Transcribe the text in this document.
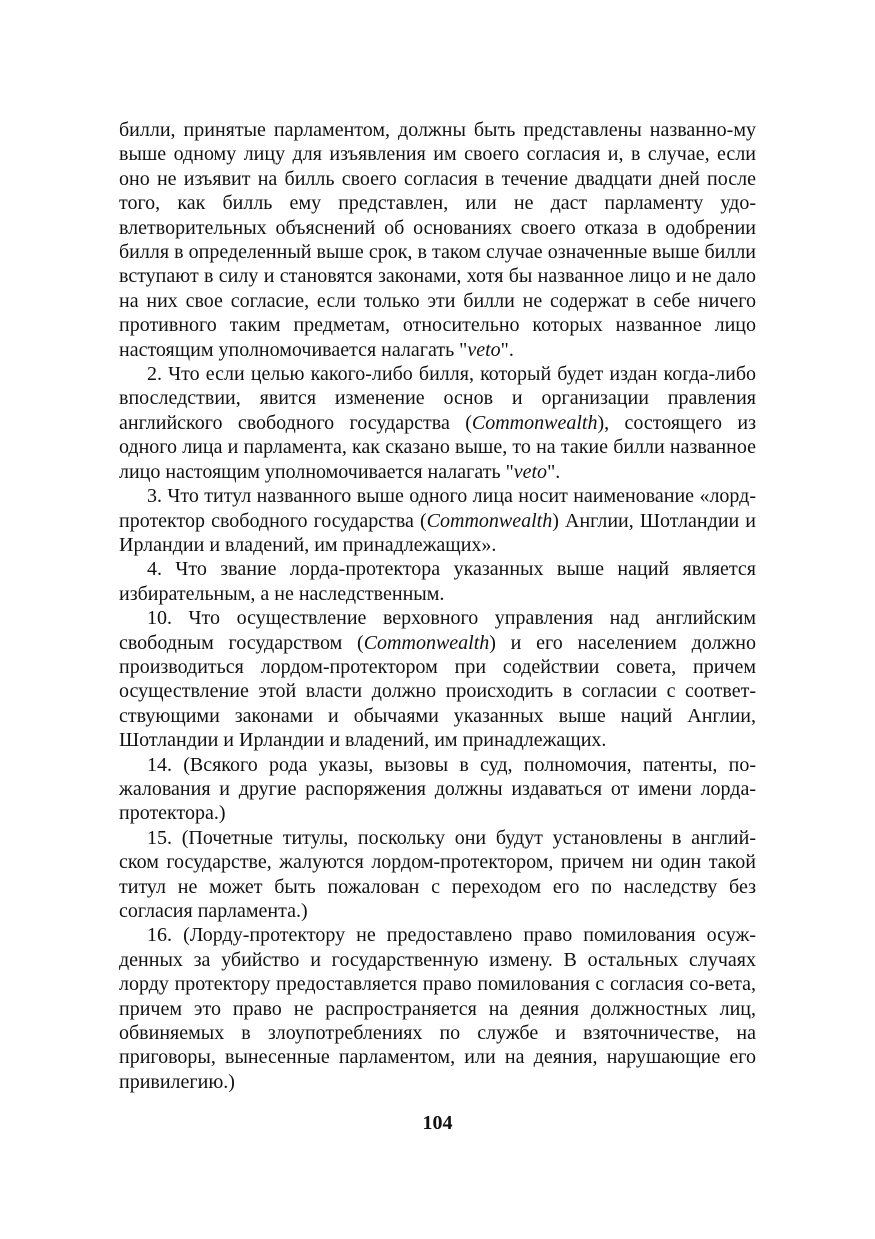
билли, принятые парламентом, должны быть представлены названно-му выше одному лицу для изъявления им своего согласия и, в случае, если оно не изъявит на билль своего согласия в течение двадцати дней после того, как билль ему представлен, или не даст парламенту удо-влетворительных объяснений об основаниях своего отказа в одобрении билля в определенный выше срок, в таком случае означенные выше билли вступают в силу и становятся законами, хотя бы названное лицо и не дало на них свое согласие, если только эти билли не содержат в себе ничего противного таким предметам, относительно которых названное лицо настоящим уполномочивается налагать "veto".

2. Что если целью какого-либо билля, который будет издан когда-либо впоследствии, явится изменение основ и организации правления английского свободного государства (Commonwealth), состоящего из одного лица и парламента, как сказано выше, то на такие билли названное лицо настоящим уполномочивается налагать "veto".

3. Что титул названного выше одного лица носит наименование «лорд-протектор свободного государства (Commonwealth) Англии, Шотландии и Ирландии и владений, им принадлежащих».

4. Что звание лорда-протектора указанных выше наций является избирательным, а не наследственным.

10. Что осуществление верховного управления над английским свободным государством (Commonwealth) и его населением должно производиться лордом-протектором при содействии совета, причем осуществление этой власти должно происходить в согласии с соответ-ствующими законами и обычаями указанных выше наций Англии, Шотландии и Ирландии и владений, им принадлежащих.

14. (Всякого рода указы, вызовы в суд, полномочия, патенты, по-жалования и другие распоряжения должны издаваться от имени лорда-протектора.)

15. (Почетные титулы, поскольку они будут установлены в англий-ском государстве, жалуются лордом-протектором, причем ни один такой титул не может быть пожалован с переходом его по наследству без согласия парламента.)

16. (Лорду-протектору не предоставлено право помилования осуж-денных за убийство и государственную измену. В остальных случаях лорду протектору предоставляется право помилования с согласия со-вета, причем это право не распространяется на деяния должностных лиц, обвиняемых в злоупотреблениях по службе и взяточничестве, на приговоры, вынесенные парламентом, или на деяния, нарушающие его привилегию.)

104
